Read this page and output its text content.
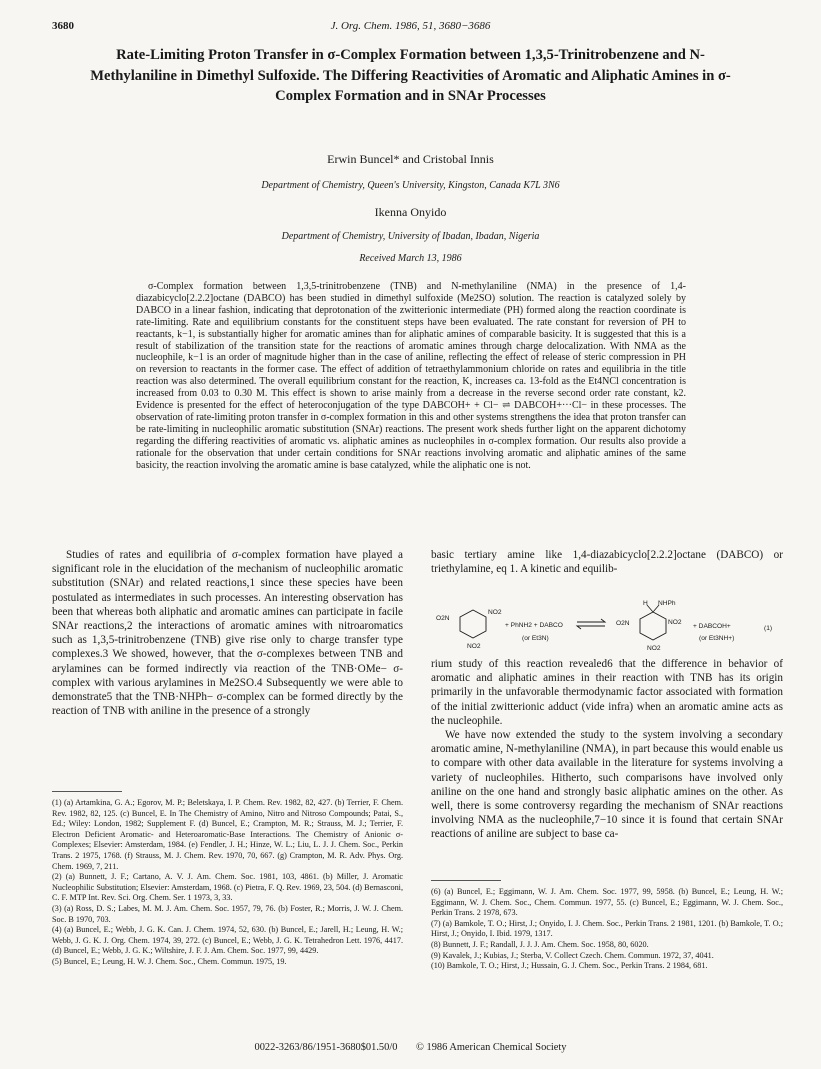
3680	J. Org. Chem. 1986, 51, 3680−3686
Rate-Limiting Proton Transfer in σ-Complex Formation between 1,3,5-Trinitrobenzene and N-Methylaniline in Dimethyl Sulfoxide. The Differing Reactivities of Aromatic and Aliphatic Amines in σ-Complex Formation and in SNAr Processes
Erwin Buncel* and Cristobal Innis
Department of Chemistry, Queen's University, Kingston, Canada K7L 3N6
Ikenna Onyido
Department of Chemistry, University of Ibadan, Ibadan, Nigeria
Received March 13, 1986

σ-Complex formation between 1,3,5-trinitrobenzene (TNB) and N-methylaniline (NMA) in the presence of 1,4-diazabicyclo[2.2.2]octane (DABCO) has been studied in dimethyl sulfoxide (Me2SO) solution. The reaction is catalyzed solely by DABCO in a linear fashion, indicating that deprotonation of the zwitterionic intermediate (PH) formed along the reaction coordinate is rate-limiting. Rate and equilibrium constants for the constituent steps have been evaluated. The rate constant for reversion of PH to reactants, k−1, is substantially higher for aromatic amines than for aliphatic amines of comparable basicity. It is suggested that this is a result of stabilization of the transition state for the reactions of aromatic amines through charge delocalization. With NMA as the nucleophile, k−1 is an order of magnitude higher than in the case of aniline, reflecting the effect of release of steric compression in PH on reversion to reactants in the former case. The effect of addition of tetraethylammonium chloride on rates and equilibria in the title reaction was also determined. The overall equilibrium constant for the reaction, K, increases ca. 13-fold as the Et4NCl concentration is increased from 0.03 to 0.30 M. This effect is shown to arise mainly from a decrease in the reverse second order rate constant, k2. Evidence is presented for the effect of heteroconjugation of the type DABCOH+ + Cl− ⇌ DABCOH+···Cl− in these processes. The observation of rate-limiting proton transfer in σ-complex formation in this and other systems strengthens the idea that proton transfer can be rate-limiting in nucleophilic aromatic substitution (SNAr) reactions. The present work sheds further light on the apparent dichotomy regarding the differing reactivities of aromatic vs. aliphatic amines as nucleophiles in σ-complex formation. Our results also provide a rationale for the observation that under certain conditions for SNAr reactions involving aromatic and aliphatic amines of the same basicity, the reaction involving the aromatic amine is base catalyzed, while the aliphatic one is not.

Studies of rates and equilibria of σ-complex formation have played a significant role in the elucidation of the mechanism of nucleophilic aromatic substitution (SNAr) and related reactions,1 since these species have been postulated as intermediates in such processes. An interesting observation has been that whereas both aliphatic and aromatic amines can participate in facile SNAr reactions,2 the interactions of aromatic amines with nitroaromatics such as 1,3,5-trinitrobenzene (TNB) give rise only to charge transfer type complexes.3 We showed, however, that the σ-complexes between TNB and arylamines can be formed indirectly via reaction of the TNB·OMe− σ-complex with various arylamines in Me2SO.4 Subsequently we were able to demonstrate5 that the TNB·NHPh− σ-complex can be formed directly by the reaction of TNB with aniline in the presence of a strongly

basic tertiary amine like 1,4-diazabicyclo[2.2.2]octane (DABCO) or triethylamine, eq 1. A kinetic and equilib-

O2N
NO2
NO2
+ PhNH2 + DABCO
(or Et3N)
H NHPh
O2N	NO2
NO2
+ DABCOH+
(or Et3NH+)
(1)

rium study of this reaction revealed6 that the difference in behavior of aromatic and aliphatic amines in their reaction with TNB has its origin primarily in the unfavorable thermodynamic factor associated with formation of the initial zwitterionic adduct (vide infra) when an aromatic amine acts as the nucleophile.

We have now extended the study to the system involving a secondary aromatic amine, N-methylaniline (NMA), in part because this would enable us to compare with other data available in the literature for systems involving a variety of nucleophiles. Hitherto, such comparisons have involved only aniline on the one hand and strongly basic aliphatic amines on the other. As well, there is some controversy regarding the mechanism of SNAr reactions involving NMA as the nucleophile,7−10 since it is found that certain SNAr reactions of aniline are subject to base ca-

(1) (a) Artamkina, G. A.; Egorov, M. P.; Beletskaya, I. P. Chem. Rev. 1982, 82, 427. (b) Terrier, F. Chem. Rev. 1982, 82, 125. (c) Buncel, E. In The Chemistry of Amino, Nitro and Nitroso Compounds; Patai, S., Ed.; Wiley: London, 1982; Supplement F. (d) Buncel, E.; Crampton, M. R.; Strauss, M. J.; Terrier, F. Electron Deficient Aromatic- and Heteroaromatic-Base Interactions. The Chemistry of Anionic σ-Complexes; Elsevier: Amsterdam, 1984. (e) Fendler, J. H.; Hinze, W. L.; Liu, L. J. J. Chem. Soc., Perkin Trans. 2 1975, 1768. (f) Strauss, M. J. Chem. Rev. 1970, 70, 667. (g) Crampton, M. R. Adv. Phys. Org. Chem. 1969, 7, 211.

(2) (a) Bunnett, J. F.; Cartano, A. V. J. Am. Chem. Soc. 1981, 103, 4861. (b) Miller, J. Aromatic Nucleophilic Substitution; Elsevier: Amsterdam, 1968. (c) Pietra, F. Q. Rev. 1969, 23, 504. (d) Bernasconi, C. F. MTP Int. Rev. Sci. Org. Chem. Ser. 1 1973, 3, 33.

(3) (a) Ross, D. S.; Labes, M. M. J. Am. Chem. Soc. 1957, 79, 76. (b) Foster, R.; Morris, J. W. J. Chem. Soc. B 1970, 703.

(4) (a) Buncel, E.; Webb, J. G. K. Can. J. Chem. 1974, 52, 630. (b) Buncel, E.; Jarell, H.; Leung, H. W.; Webb, J. G. K. J. Org. Chem. 1974, 39, 272. (c) Buncel, E.; Webb, J. G. K. Tetrahedron Lett. 1976, 4417. (d) Buncel, E.; Webb, J. G. K.; Wiltshire, J. F. J. Am. Chem. Soc. 1977, 99, 4429.

(5) Buncel, E.; Leung, H. W. J. Chem. Soc., Chem. Commun. 1975, 19.

(6) (a) Buncel, E.; Eggimann, W. J. Am. Chem. Soc. 1977, 99, 5958. (b) Buncel, E.; Leung, H. W.; Eggimann, W. J. Chem. Soc., Chem. Commun. 1977, 55. (c) Buncel, E.; Eggimann, W. J. Chem. Soc., Perkin Trans. 2 1978, 673.

(7) (a) Bamkole, T. O.; Hirst, J.; Onyido, I. J. Chem. Soc., Perkin Trans. 2 1981, 1201. (b) Bamkole, T. O.; Hirst, J.; Onyido, I. Ibid. 1979, 1317.

(8) Bunnett, J. F.; Randall, J. J. J. Am. Chem. Soc. 1958, 80, 6020.

(9) Kavalek, J.; Kubias, J.; Sterba, V. Collect Czech. Chem. Commun. 1972, 37, 4041.

(10) Bamkole, T. O.; Hirst, J.; Hussain, G. J. Chem. Soc., Perkin Trans. 2 1984, 681.

0022-3263/86/1951-3680$01.50/0 © 1986 American Chemical Society
